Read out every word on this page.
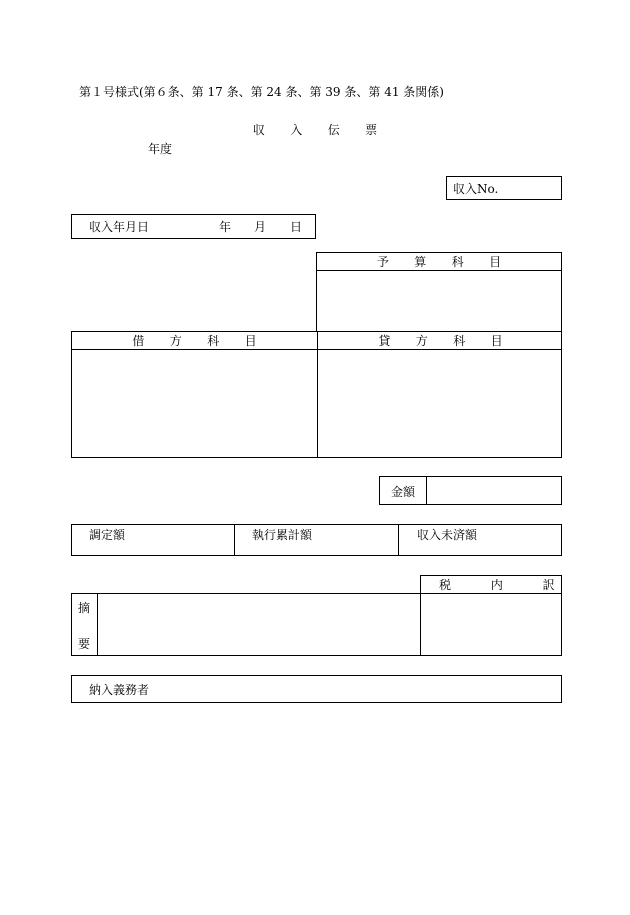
第１号様式(第６条、第 17 条、第 24 条、第 39 条、第 41 条関係)
収 入 伝 票
年度
収入No.
収入年月日	年 月 日
予 算 科 目
借 方 科 目	貸 方 科 目
金額
調定額	執行累計額	収入未済額
税 内 訳
摘
要
納入義務者
